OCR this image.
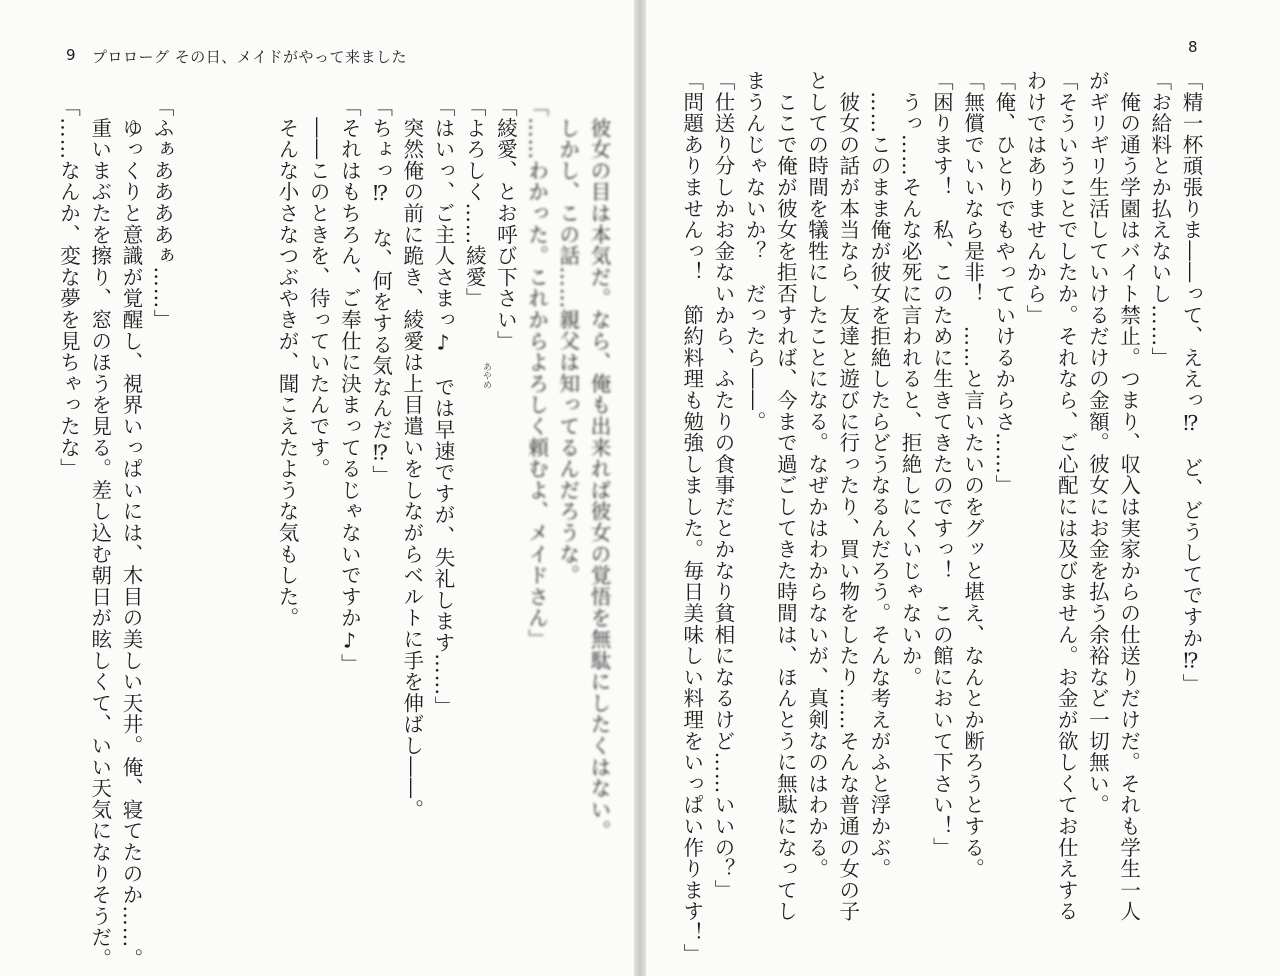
9 プロローグ その日、メイドがやって来ました
　彼女の目は本気だ。なら、俺も出来れば彼女の覚悟を無駄にしたくはない。
　しかし、この話……親父は知ってるんだろうな。
「……わかった。これからよろしく頼むよ、メイドさん」
「綾愛、とお呼び下さい」
「よろしく……綾愛」
「はいっ、ご主人さまっ♪　では早速ですが、失礼します……」
　突然俺の前に跪き、綾愛は上目遣いをしながらベルトに手を伸ばし――。
「ちょっ⁉　な、何をする気なんだ⁉」
「それはもちろん、ご奉仕に決まってるじゃないですか♪」
　――このときを、待っていたんです。
　そんな小さなつぶやきが、聞こえたような気もした。

「ふぁああああぁ……」
　ゆっくりと意識が覚醒し、視界いっぱいには、木目の美しい天井。俺、寝てたのか……。
　重いまぶたを擦り、窓のほうを見る。差し込む朝日が眩しくて、いい天気になりそうだ。
「……なんか、変な夢を見ちゃったな」	あやめ
8
「精一杯頑張りま――って、ええっ⁉　ど、どうしてですか⁉」
「お給料とか払えないし……」
　俺の通う学園はバイト禁止。つまり、収入は実家からの仕送りだけだ。それも学生一人
がギリギリ生活していけるだけの金額。彼女にお金を払う余裕など一切無い。
「そういうことでしたか。それなら、ご心配には及びません。お金が欲しくてお仕えする
わけではありませんから」
「俺、ひとりでもやっていけるからさ……」
「無償でいいなら是非！　……と言いたいのをグッと堪え、なんとか断ろうとする。
「困ります！　私、このために生きてきたのですっ！　この館において下さい！」
　うっ……そんな必死に言われると、拒絶しにくいじゃないか。
　……このまま俺が彼女を拒絶したらどうなるんだろう。そんな考えがふと浮かぶ。
　彼女の話が本当なら、友達と遊びに行ったり、買い物をしたり……そんな普通の女の子
としての時間を犠牲にしたことになる。なぜかはわからないが、真剣なのはわかる。
　ここで俺が彼女を拒否すれば、今まで過ごしてきた時間は、ほんとうに無駄になってし
まうんじゃないか？　だったら――。
「仕送り分しかお金ないから、ふたりの食事だとかなり貧相になるけど……いいの？」
「問題ありませんっ！　節約料理も勉強しました。毎日美味しい料理をいっぱい作ります！」
